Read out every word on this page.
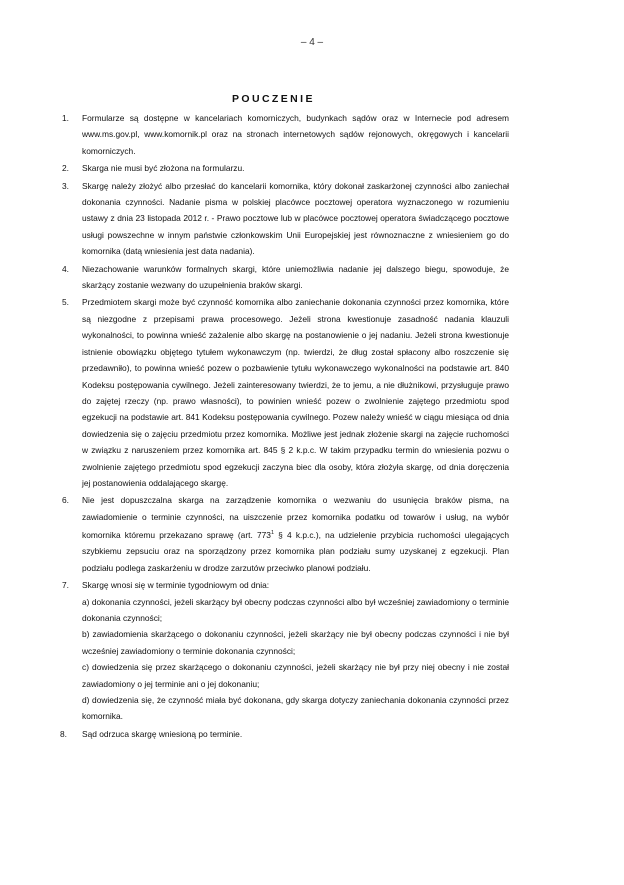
– 4 –
POUCZENIE
1. Formularze są dostępne w kancelariach komorniczych, budynkach sądów oraz w Internecie pod adresem www.ms.gov.pl, www.komornik.pl oraz na stronach internetowych sądów rejonowych, okręgowych i kancelarii komorniczych.
2. Skarga nie musi być złożona na formularzu.
3. Skargę należy złożyć albo przesłać do kancelarii komornika, który dokonał zaskarżonej czynności albo zaniechał dokonania czynności. Nadanie pisma w polskiej placówce pocztowej operatora wyznaczonego w rozumieniu ustawy z dnia 23 listopada 2012 r. - Prawo pocztowe lub w placówce pocztowej operatora świadczącego pocztowe usługi powszechne w innym państwie członkowskim Unii Europejskiej jest równoznaczne z wniesieniem go do komornika (datą wniesienia jest data nadania).
4. Niezachowanie warunków formalnych skargi, które uniemożliwia nadanie jej dalszego biegu, spowoduje, że skarżący zostanie wezwany do uzupełnienia braków skargi.
5. Przedmiotem skargi może być czynność komornika albo zaniechanie dokonania czynności przez komornika, które są niezgodne z przepisami prawa procesowego. Jeżeli strona kwestionuje zasadność nadania klauzuli wykonalności, to powinna wnieść zażalenie albo skargę na postanowienie o jej nadaniu. Jeżeli strona kwestionuje istnienie obowiązku objętego tytułem wykonawczym (np. twierdzi, że dług został spłacony albo roszczenie się przedawniło), to powinna wnieść pozew o pozbawienie tytułu wykonawczego wykonalności na podstawie art. 840 Kodeksu postępowania cywilnego. Jeżeli zainteresowany twierdzi, że to jemu, a nie dłużnikowi, przysługuje prawo do zajętej rzeczy (np. prawo własności), to powinien wnieść pozew o zwolnienie zajętego przedmiotu spod egzekucji na podstawie art. 841 Kodeksu postępowania cywilnego. Pozew należy wnieść w ciągu miesiąca od dnia dowiedzenia się o zajęciu przedmiotu przez komornika. Możliwe jest jednak złożenie skargi na zajęcie ruchomości w związku z naruszeniem przez komornika art. 845 § 2 k.p.c. W takim przypadku termin do wniesienia pozwu o zwolnienie zajętego przedmiotu spod egzekucji zaczyna biec dla osoby, która złożyła skargę, od dnia doręczenia jej postanowienia oddalającego skargę.
6. Nie jest dopuszczalna skarga na zarządzenie komornika o wezwaniu do usunięcia braków pisma, na zawiadomienie o terminie czynności, na uiszczenie przez komornika podatku od towarów i usług, na wybór komornika któremu przekazano sprawę (art. $773^1$ § 4 k.p.c.), na udzielenie przybicia ruchomości ulegających szybkiemu zepsuciu oraz na sporządzony przez komornika plan podziału sumy uzyskanej z egzekucji. Plan podziału podlega zaskarżeniu w drodze zarzutów przeciwko planowi podziału.
7. Skargę wnosi się w terminie tygodniowym od dnia:
a) dokonania czynności, jeżeli skarżący był obecny podczas czynności albo był wcześniej zawiadomiony o terminie dokonania czynności;
b) zawiadomienia skarżącego o dokonaniu czynności, jeżeli skarżący nie był obecny podczas czynności i nie był wcześniej zawiadomiony o terminie dokonania czynności;
c) dowiedzenia się przez skarżącego o dokonaniu czynności, jeżeli skarżący nie był przy niej obecny i nie został zawiadomiony o jej terminie ani o jej dokonaniu;
d) dowiedzenia się, że czynność miała być dokonana, gdy skarga dotyczy zaniechania dokonania czynności przez komornika.
8. Sąd odrzuca skargę wniesioną po terminie.
